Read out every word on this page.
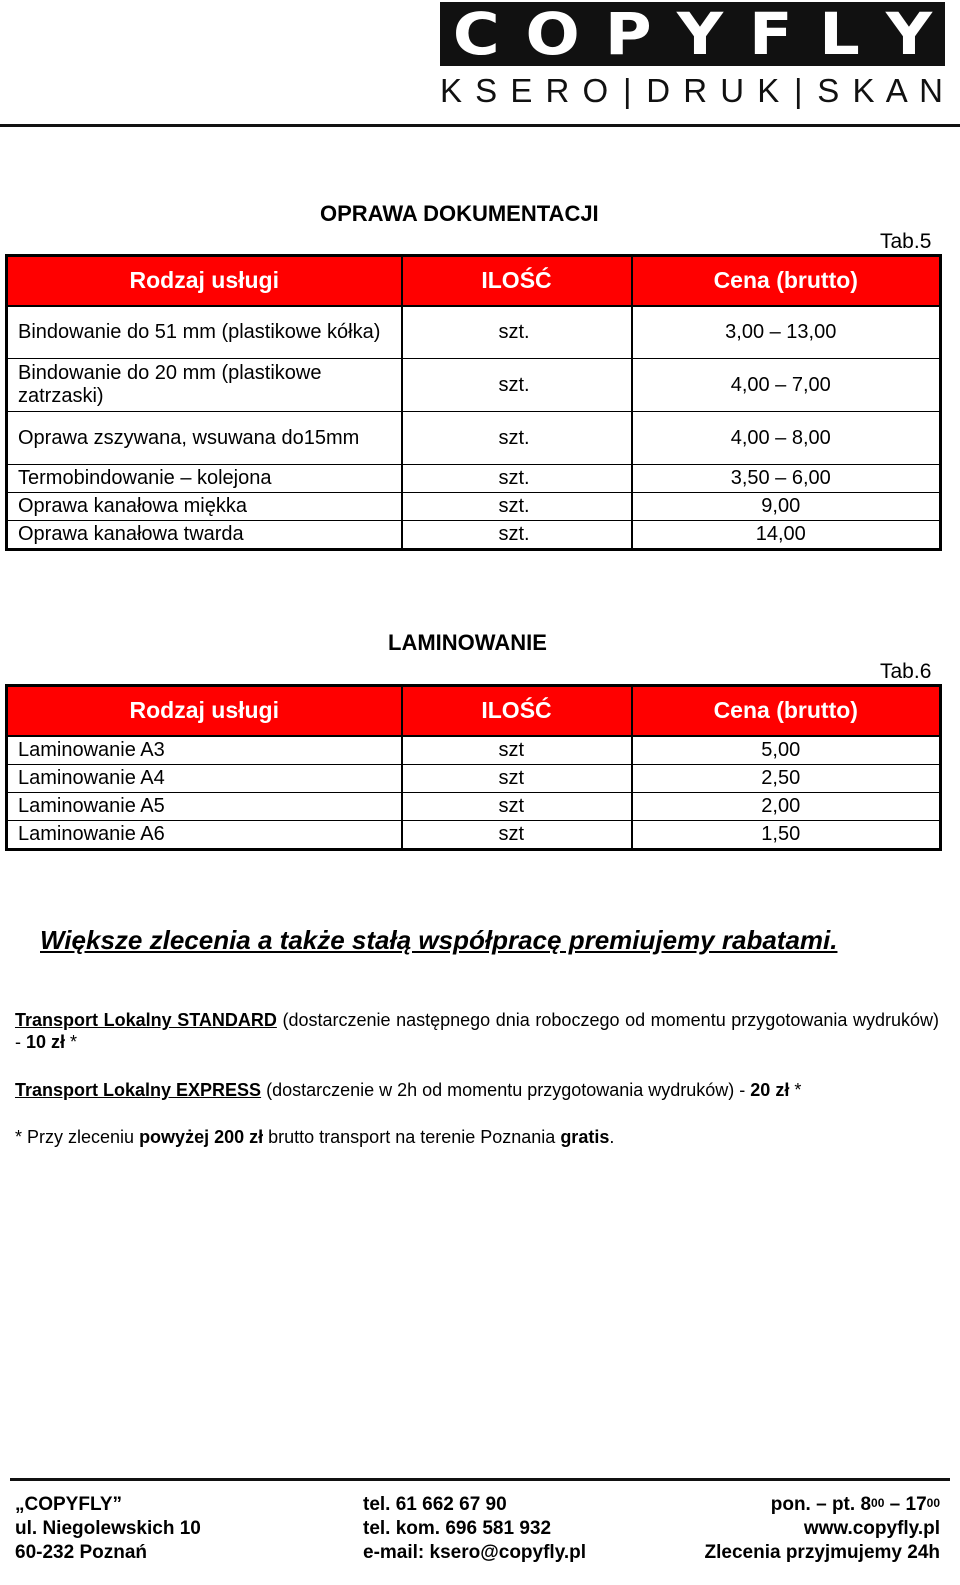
C O P Y F L Y
K S E R O | D R U K | S K A N
OPRAWA DOKUMENTACJI
Tab.5
Rodzaj usługi	ILOŚĆ	Cena (brutto)
Bindowanie do 51 mm (plastikowe kółka)	szt.	3,00 – 13,00
Bindowanie do 20 mm (plastikowe zatrzaski)	szt.	4,00 – 7,00
Oprawa zszywana, wsuwana do15mm	szt.	4,00 – 8,00
Termobindowanie – kolejona	szt.	3,50 – 6,00
Oprawa kanałowa miękka	szt.	9,00
Oprawa kanałowa twarda	szt.	14,00
LAMINOWANIE
Tab.6
Rodzaj usługi	ILOŚĆ	Cena (brutto)
Laminowanie A3	szt	5,00
Laminowanie A4	szt	2,50
Laminowanie A5	szt	2,00
Laminowanie A6	szt	1,50
Większe zlecenia a także stałą współpracę premiujemy rabatami.
Transport Lokalny STANDARD (dostarczenie następnego dnia roboczego od momentu przygotowania wydruków) - 10 zł *
Transport Lokalny EXPRESS (dostarczenie w 2h od momentu przygotowania wydruków) - 20 zł *
* Przy zleceniu powyżej 200 zł brutto transport na terenie Poznania gratis.
„COPYFLY”
ul. Niegolewskich 10
60-232 Poznań
tel. 61 662 67 90
tel. kom. 696 581 932
e-mail: ksero@copyfly.pl
pon. – pt. $8^{00} - 17^{00}$
www.copyfly.pl
Zlecenia przyjmujemy 24h
